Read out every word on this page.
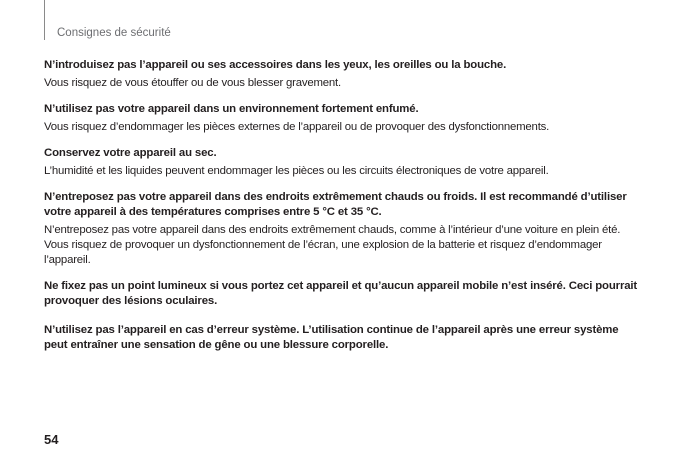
Consignes de sécurité

N’introduisez pas l’appareil ou ses accessoires dans les yeux, les oreilles ou la bouche.

Vous risquez de vous étouffer ou de vous blesser gravement.

N’utilisez pas votre appareil dans un environnement fortement enfumé.

Vous risquez d’endommager les pièces externes de l’appareil ou de provoquer des dysfonctionnements.

Conservez votre appareil au sec.

L’humidité et les liquides peuvent endommager les pièces ou les circuits électroniques de votre appareil.

N’entreposez pas votre appareil dans des endroits extrêmement chauds ou froids. Il est recommandé d’utiliser votre appareil à des températures comprises entre 5 °C et 35 °C.

N’entreposez pas votre appareil dans des endroits extrêmement chauds, comme à l’intérieur d’une voiture en plein été. Vous risquez de provoquer un dysfonctionnement de l’écran, une explosion de la batterie et risquez d’endommager l’appareil.

Ne fixez pas un point lumineux si vous portez cet appareil et qu’aucun appareil mobile n’est inséré. Ceci pourrait provoquer des lésions oculaires.

N’utilisez pas l’appareil en cas d’erreur système. L’utilisation continue de l’appareil après une erreur système peut entraîner une sensation de gêne ou une blessure corporelle.

54
